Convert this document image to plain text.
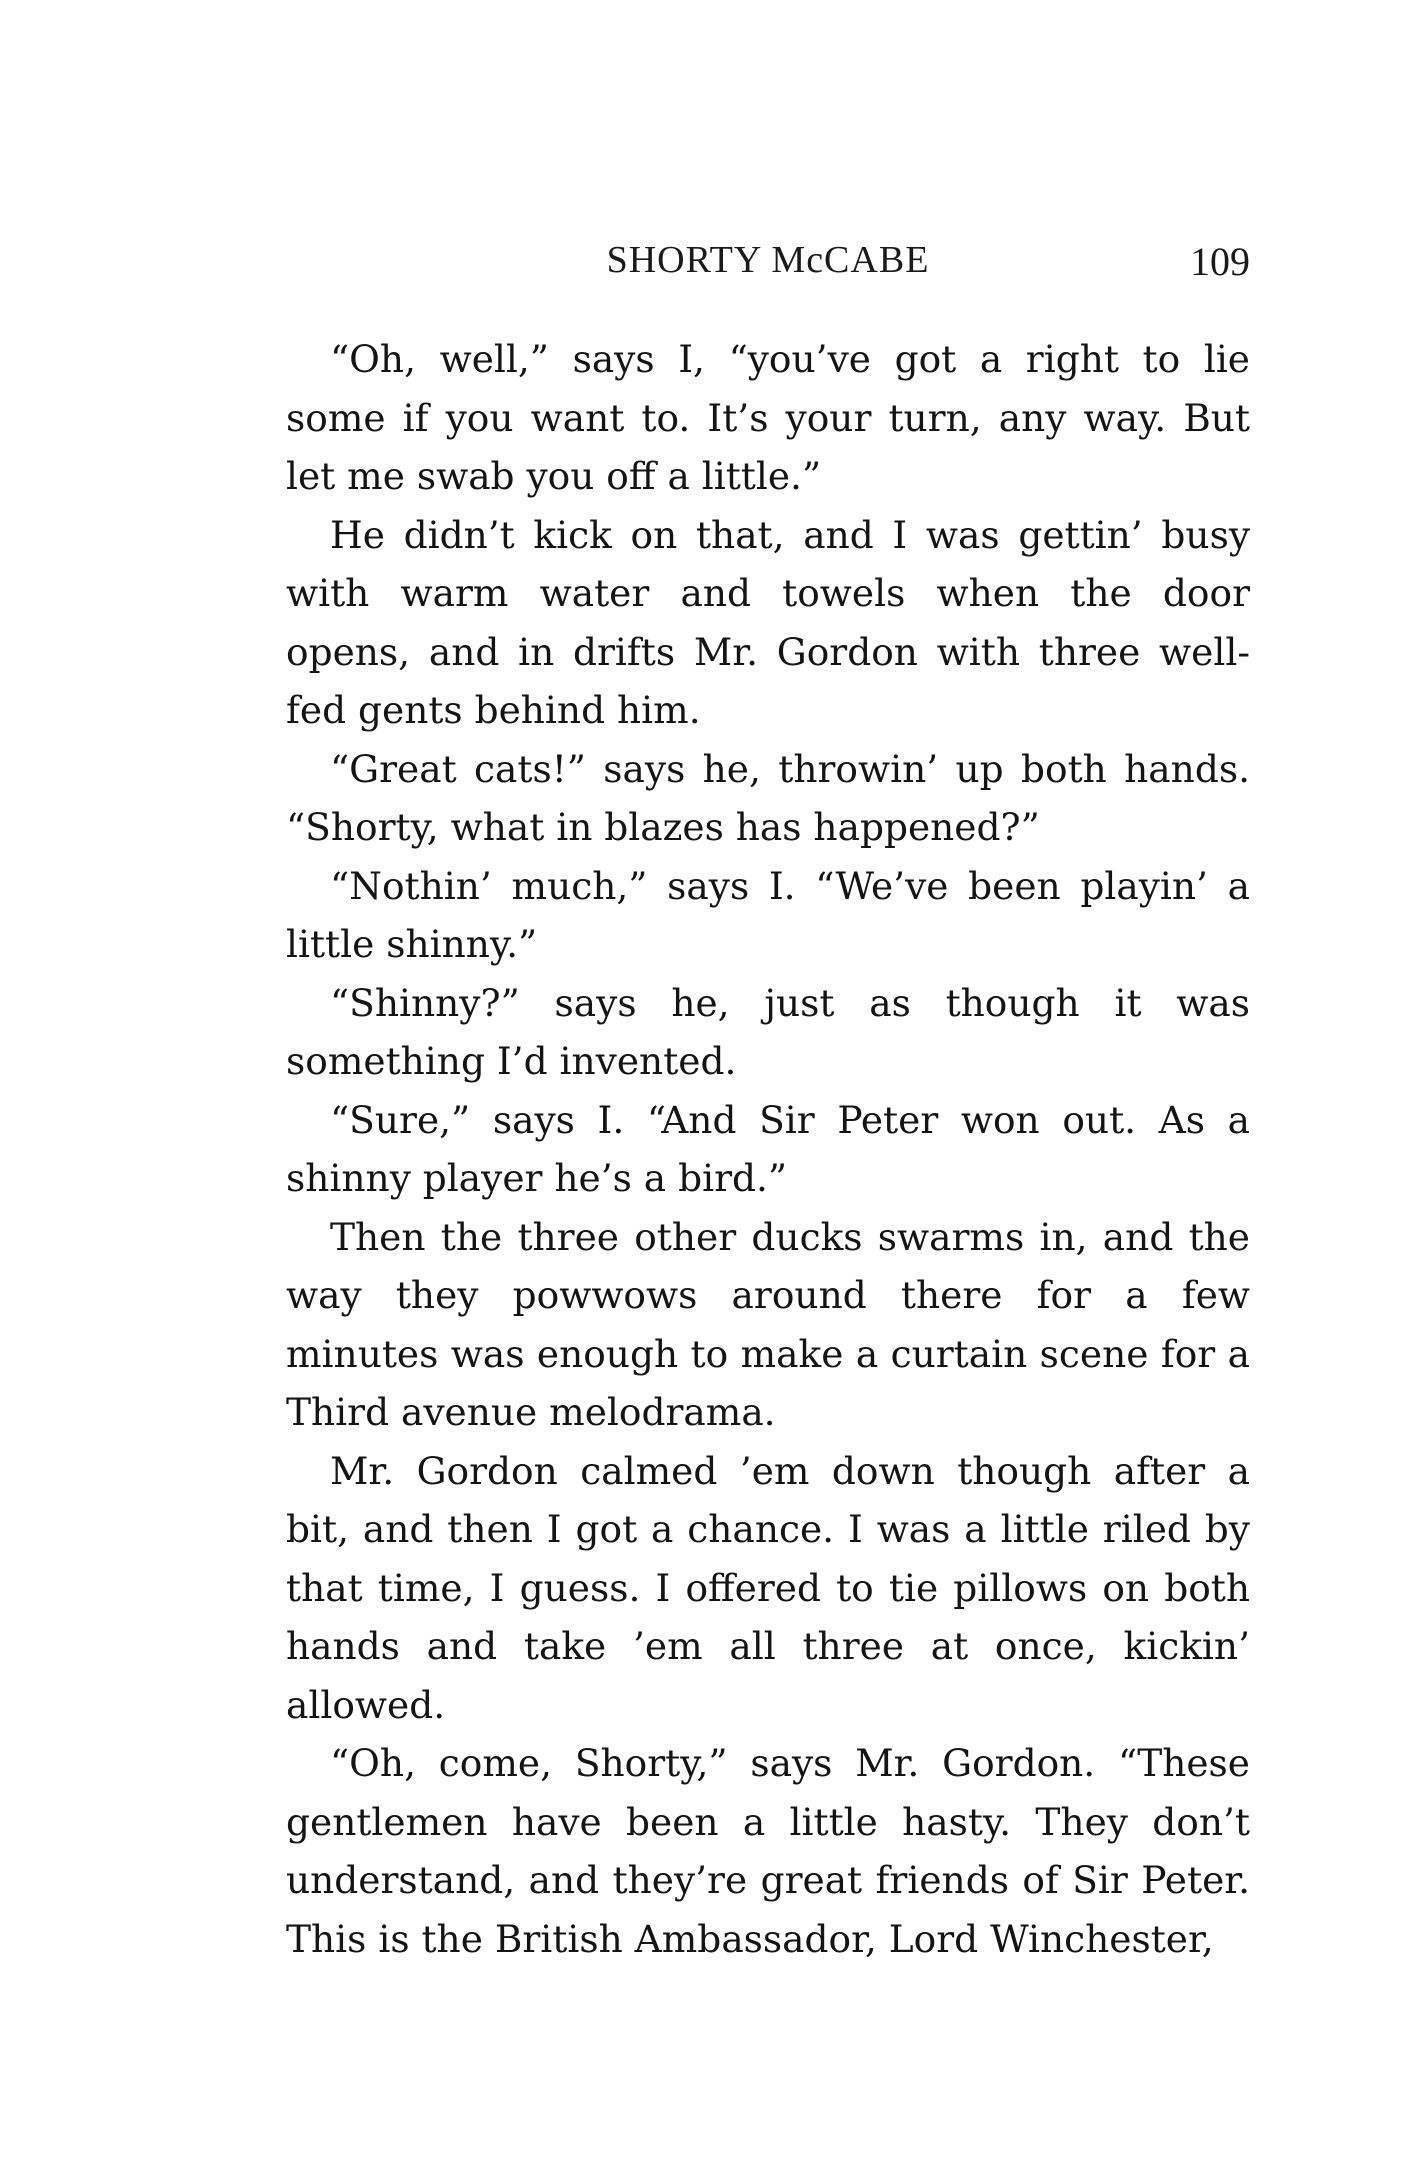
SHORTY McCABE	109

“Oh, well,” says I, “you’ve got a right to lie some if you want to. It’s your turn, any way. But let me swab you off a little.”

He didn’t kick on that, and I was gettin’ busy with warm water and towels when the door opens, and in drifts Mr. Gordon with three well-fed gents behind him.

“Great cats!” says he, throwin’ up both hands. “Shorty, what in blazes has happened?”

“Nothin’ much,” says I. “We’ve been playin’ a little shinny.”

“Shinny?” says he, just as though it was something I’d invented.

“Sure,” says I. “And Sir Peter won out. As a shinny player he’s a bird.”

Then the three other ducks swarms in, and the way they powwows around there for a few minutes was enough to make a curtain scene for a Third avenue melodrama.

Mr. Gordon calmed ’em down though after a bit, and then I got a chance. I was a little riled by that time, I guess. I offered to tie pillows on both hands and take ’em all three at once, kickin’ allowed.

“Oh, come, Shorty,” says Mr. Gordon. “These gentlemen have been a little hasty. They don’t understand, and they’re great friends of Sir Peter. This is the British Ambassador, Lord Winchester,
